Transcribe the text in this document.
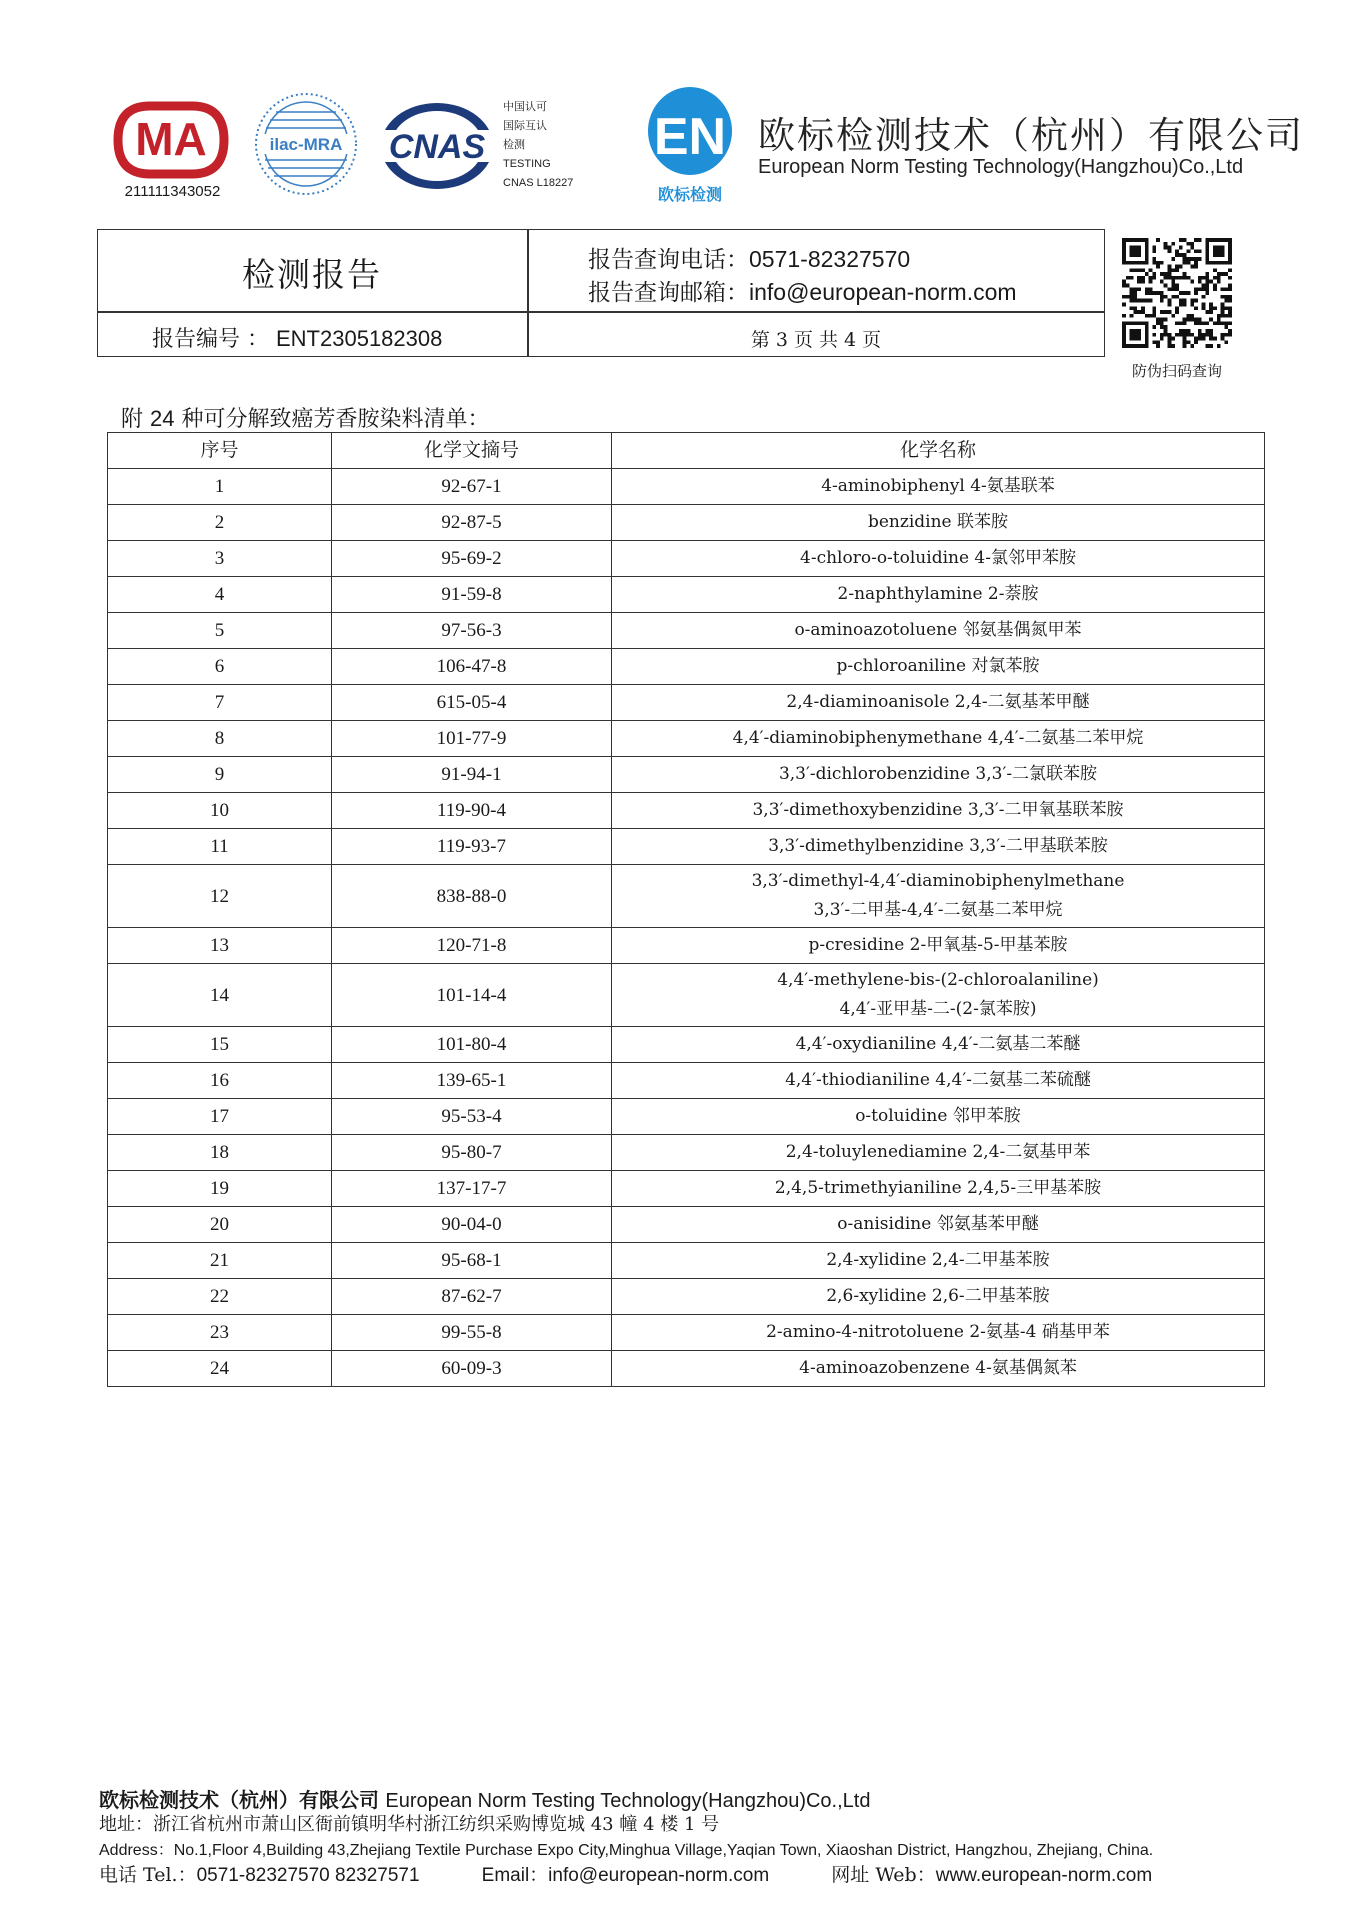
MA
211111343052
ilac-MRA CNAS
中国认可
国际互认
检测
TESTING
CNAS L18227
EN
欧标检测
欧标检测技术（杭州）有限公司
European Norm Testing Technology(Hangzhou)Co.,Ltd
检测报告	报告查询电话：0571-82327570
报告查询邮箱：info@european-norm.com
报告编号 ： ENT2305182308	第 3 页 共 4 页
防伪扫码查询
附 24 种可分解致癌芳香胺染料清单：
序号	化学文摘号	化学名称
1	92-67-1	4-aminobiphenyl 4-氨基联苯

2	92-87-5	benzidine 联苯胺

3	95-69-2	4-chloro-o-toluidine 4-氯邻甲苯胺

4	91-59-8	2-naphthylamine 2-萘胺

5	97-56-3	o-aminoazotoluene 邻氨基偶氮甲苯

6	106-47-8	p-chloroaniline 对氯苯胺

7	615-05-4	2,4-diaminoanisole 2,4-二氨基苯甲醚

8	101-77-9	4,4′-diaminobiphenymethane 4,4′-二氨基二苯甲烷

9	91-94-1	3,3′-dichlorobenzidine 3,3′-二氯联苯胺

10	119-90-4	3,3′-dimethoxybenzidine 3,3′-二甲氧基联苯胺

11	119-93-7	3,3′-dimethylbenzidine 3,3′-二甲基联苯胺

12	838-88-0	3,3′-dimethyl-4,4′-diaminobiphenylmethane
3,3′-二甲基-4,4′-二氨基二苯甲烷

13	120-71-8	p-cresidine 2-甲氧基-5-甲基苯胺

14	101-14-4	4,4′-methylene-bis-(2-chloroalaniline)
4,4′-亚甲基-二-(2-氯苯胺)

15	101-80-4	4,4′-oxydianiline 4,4′-二氨基二苯醚

16	139-65-1	4,4′-thiodianiline 4,4′-二氨基二苯硫醚

17	95-53-4	o-toluidine 邻甲苯胺

18	95-80-7	2,4-toluylenediamine 2,4-二氨基甲苯

19	137-17-7	2,4,5-trimethyianiline 2,4,5-三甲基苯胺

20	90-04-0	o-anisidine 邻氨基苯甲醚

21	95-68-1	2,4-xylidine 2,4-二甲基苯胺

22	87-62-7	2,6-xylidine 2,6-二甲基苯胺

23	99-55-8	2-amino-4-nitrotoluene 2-氨基-4 硝基甲苯

24	60-09-3	4-aminoazobenzene 4-氨基偶氮苯
欧标检测技术（杭州）有限公司 European Norm Testing Technology(Hangzhou)Co.,Ltd
地址：浙江省杭州市萧山区衙前镇明华村浙江纺织采购博览城 43 幢 4 楼 1 号
Address：No.1,Floor 4,Building 43,Zhejiang Textile Purchase Expo City,Minghua Village,Yaqian Town, Xiaoshan District, Hangzhou, Zhejiang, China.
电话 Tel.：0571-82327570 82327571	Email：info@european-norm.com	网址 Web：www.european-norm.com
